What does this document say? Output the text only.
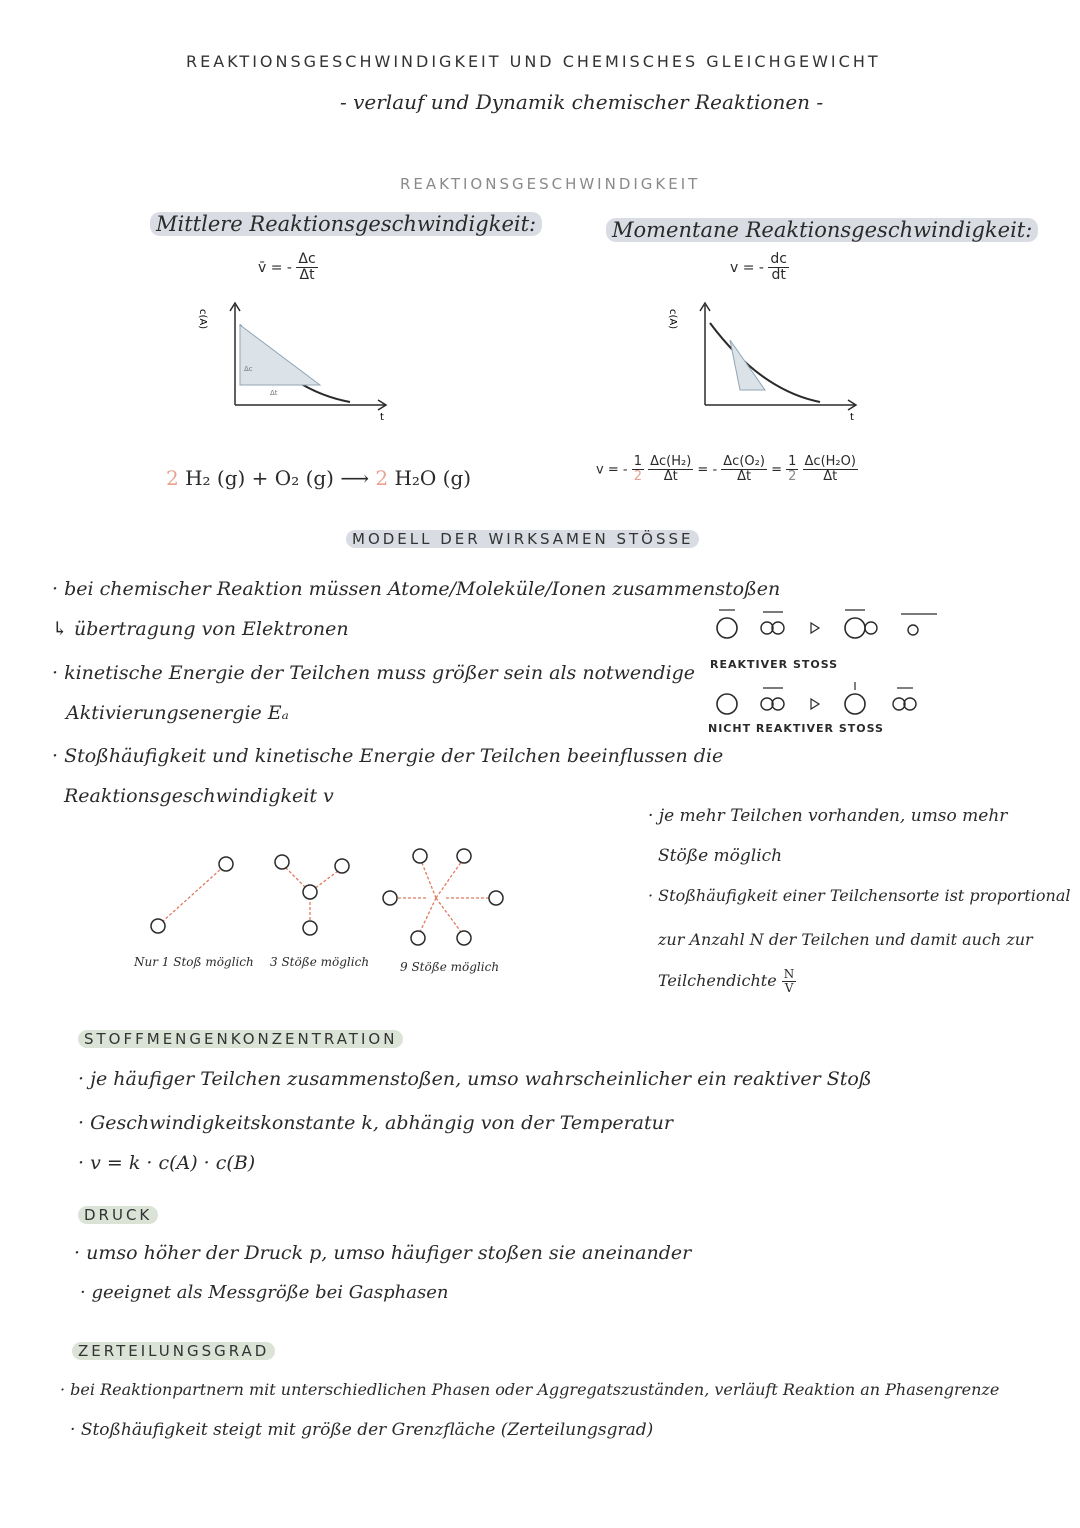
REAKTIONSGESCHWINDIGKEIT UND CHEMISCHES GLEICHGEWICHT
- verlauf und Dynamik chemischer Reaktionen -
REAKTIONSGESCHWINDIGKEIT
Mittlere Reaktionsgeschwindigkeit:
v̄ = - $\frac{\Delta c}{\Delta t}$
Momentane Reaktionsgeschwindigkeit:
v = - $\frac{dc}{dt}$
c(A)
Δc
Δt
t
c(A)
t
2 H₂ (g) + O₂ (g) ⟶ 2 H₂O (g)	v = - $\frac{1}{2}$
$\frac{\text{Δc(H₂)}}{\Delta t}$ = - $\frac{\text{Δc(O₂)}}{\Delta t} = \frac{1}{2}$
$\frac{\text{Δc(H₂O)}}{\Delta t}$
MODELL DER WIRKSAMEN STÖSSE
· bei chemischer Reaktion müssen Atome/Moleküle/Ionen zusammenstoßen
↳ übertragung von Elektronen
· kinetische Energie der Teilchen muss größer sein als notwendige
Aktivierungsenergie Eₐ
· Stoßhäufigkeit und kinetische Energie der Teilchen beeinflussen die
Reaktionsgeschwindigkeit v
REAKTIVER STOSS
NICHT REAKTIVER STOSS
Nur 1 Stoß möglich 3 Stöße möglich	9 Stöße möglich
· je mehr Teilchen vorhanden, umso mehr
Stöße möglich
· Stoßhäufigkeit einer Teilchensorte ist proportional
zur Anzahl N der Teilchen und damit auch zur
Teilchendichte $\frac{N}{V}$
STOFFMENGENKONZENTRATION
· je häufiger Teilchen zusammenstoßen, umso wahrscheinlicher ein reaktiver Stoß
· Geschwindigkeitskonstante k, abhängig von der Temperatur
· v = k · c(A) · c(B)
DRUCK
· umso höher der Druck p, umso häufiger stoßen sie aneinander
· geeignet als Messgröße bei Gasphasen
ZERTEILUNGSGRAD
· bei Reaktionpartnern mit unterschiedlichen Phasen oder Aggregatszuständen, verläuft Reaktion an Phasengrenze
· Stoßhäufigkeit steigt mit größe der Grenzfläche (Zerteilungsgrad)
